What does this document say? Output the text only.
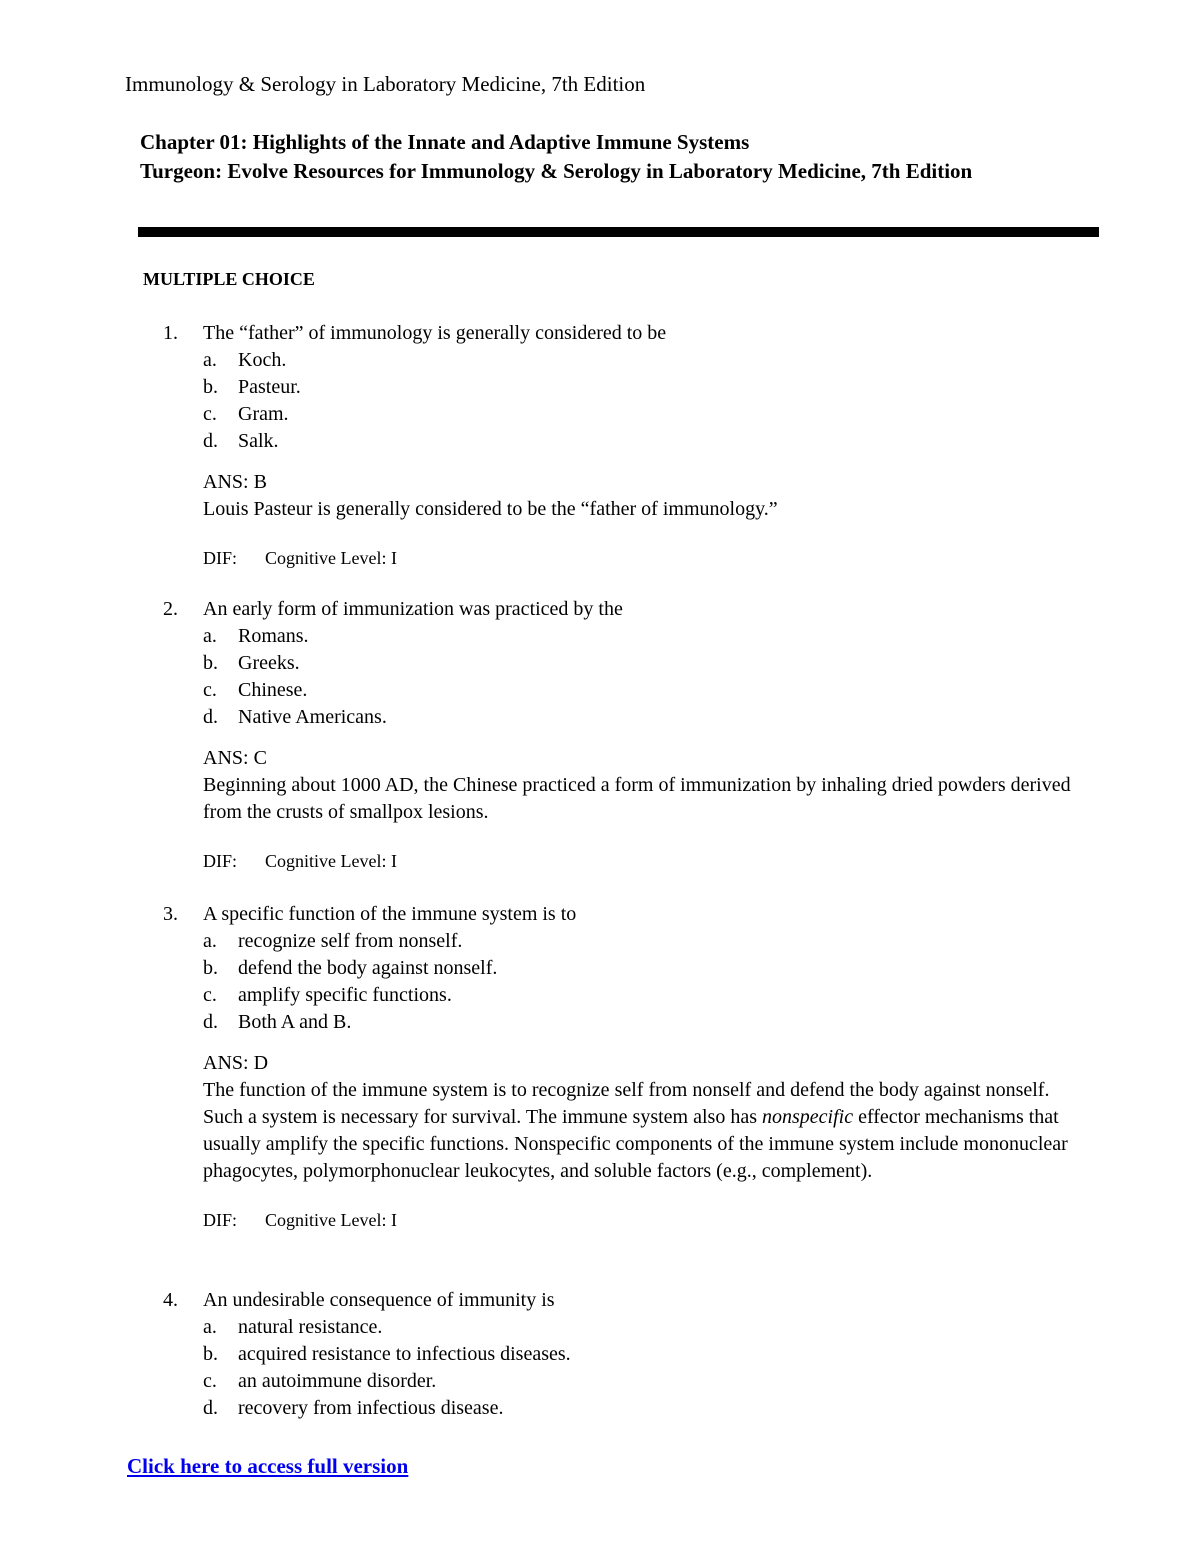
Immunology & Serology in Laboratory Medicine, 7th Edition
Chapter 01: Highlights of the Innate and Adaptive Immune Systems
Turgeon: Evolve Resources for Immunology & Serology in Laboratory Medicine, 7th Edition
MULTIPLE CHOICE
1.	The “father” of immunology is generally considered to be
a.	Koch.
b.	Pasteur.
c.	Gram.
d.	Salk.
ANS: B
Louis Pasteur is generally considered to be the “father of immunology.”
DIF:	Cognitive Level: I
2.	An early form of immunization was practiced by the
a.	Romans.
b.	Greeks.
c.	Chinese.
d.	Native Americans.
ANS: C
Beginning about 1000 AD, the Chinese practiced a form of immunization by inhaling dried powders derived from the crusts of smallpox lesions.
DIF:	Cognitive Level: I
3.	A specific function of the immune system is to
a.	recognize self from nonself.
b.	defend the body against nonself.
c.	amplify specific functions.
d.	Both A and B.
ANS: D
The function of the immune system is to recognize self from nonself and defend the body against nonself. Such a system is necessary for survival. The immune system also has nonspecific effector mechanisms that usually amplify the specific functions. Nonspecific components of the immune system include mononuclear phagocytes, polymorphonuclear leukocytes, and soluble factors (e.g., complement).
DIF:	Cognitive Level: I
4.	An undesirable consequence of immunity is
a.	natural resistance.
b.	acquired resistance to infectious diseases.
c.	an autoimmune disorder.
d.	recovery from infectious disease.
Click here to access full version
